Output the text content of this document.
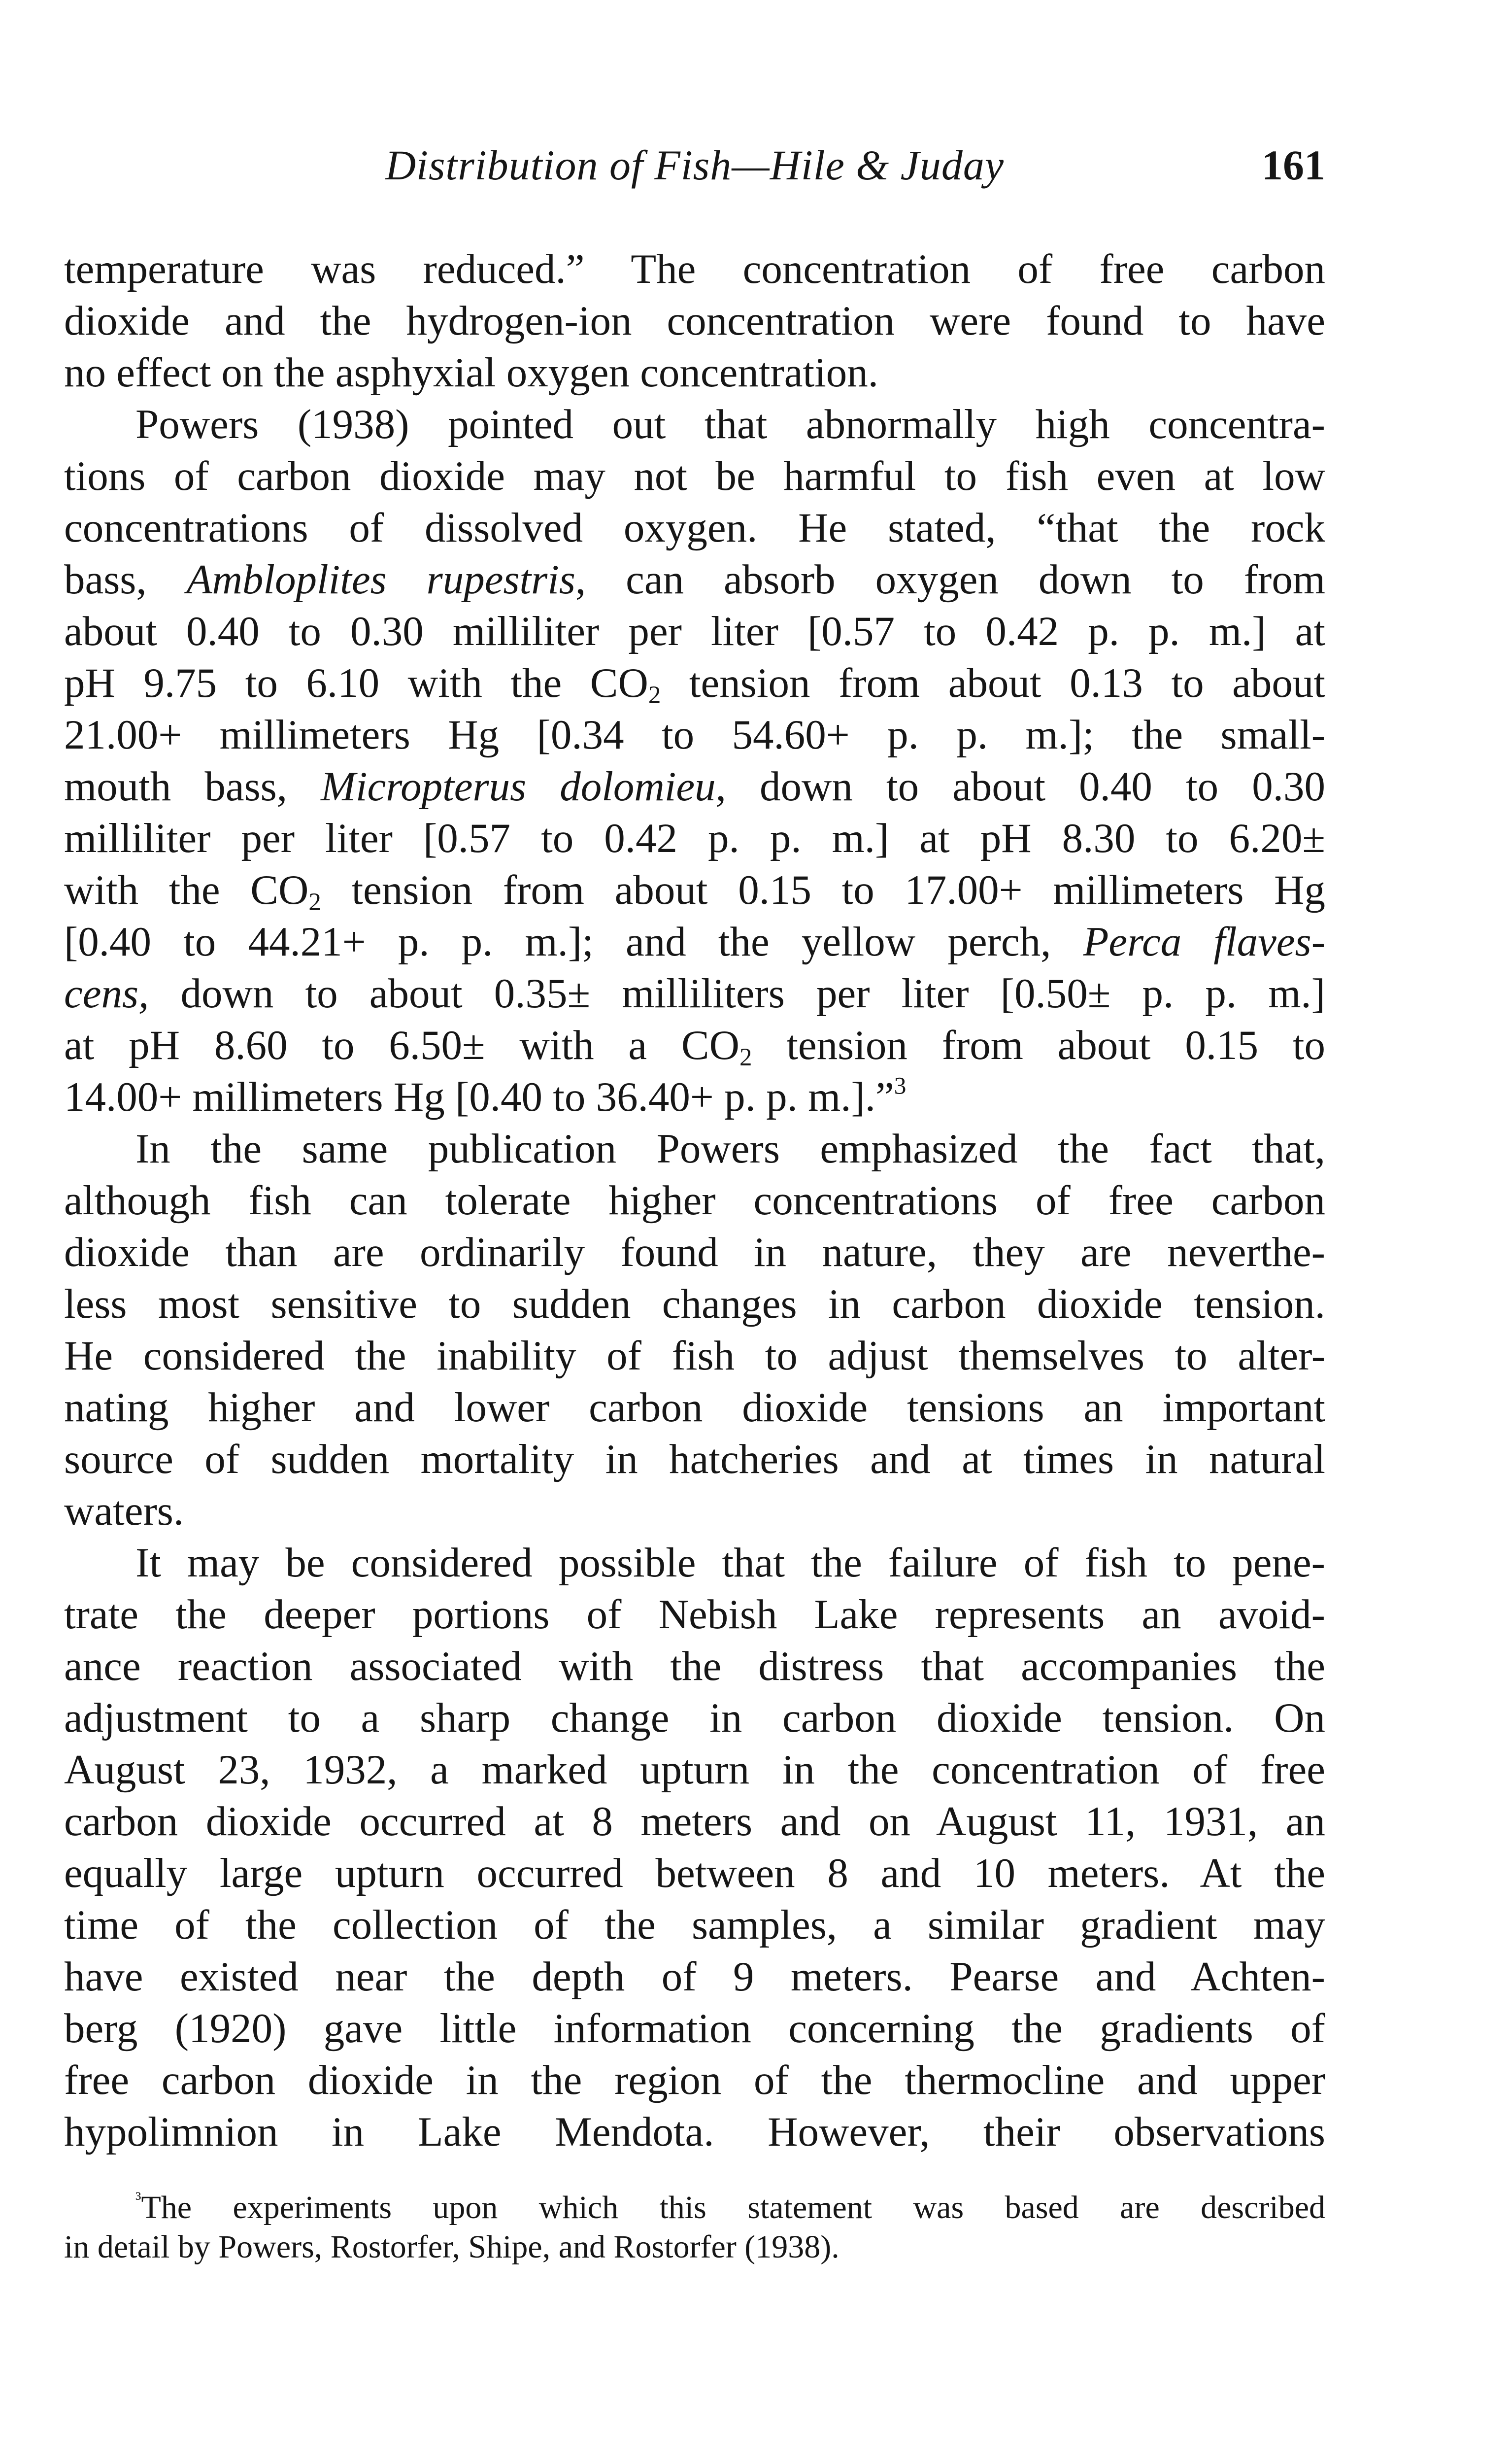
Distribution of Fish—Hile & Juday	161
temperature was reduced.” The concentration of free carbon
dioxide and the hydrogen-ion concentration were found to have
no effect on the asphyxial oxygen concentration.
Powers (1938) pointed out that abnormally high concentra-
tions of carbon dioxide may not be harmful to fish even at low
concentrations of dissolved oxygen. He stated, “that the rock
bass, Ambloplites rupestris, can absorb oxygen down to from
about 0.40 to 0.30 milliliter per liter [0.57 to 0.42 p. p. m.] at
pH 9.75 to 6.10 with the $CO_2$ tension from about 0.13 to about
21.00+ millimeters Hg [0.34 to 54.60+ p. p. m.]; the small-
mouth bass, Micropterus dolomieu, down to about 0.40 to 0.30
milliliter per liter [0.57 to 0.42 p. p. m.] at pH 8.30 to 6.20±
with the $CO_2$ tension from about 0.15 to 17.00+ millimeters Hg
[0.40 to 44.21+ p. p. m.]; and the yellow perch, Perca flaves-
cens, down to about 0.35± milliliters per liter [0.50± p. p. m.]
at pH 8.60 to 6.50± with a $CO_2$ tension from about 0.15 to
14.00+ millimeters Hg [0.40 to 36.40+ p. p. m.].”$^3$
In the same publication Powers emphasized the fact that,
although fish can tolerate higher concentrations of free carbon
dioxide than are ordinarily found in nature, they are neverthe-
less most sensitive to sudden changes in carbon dioxide tension.
He considered the inability of fish to adjust themselves to alter-
nating higher and lower carbon dioxide tensions an important
source of sudden mortality in hatcheries and at times in natural
waters.
It may be considered possible that the failure of fish to pene-
trate the deeper portions of Nebish Lake represents an avoid-
ance reaction associated with the distress that accompanies the
adjustment to a sharp change in carbon dioxide tension. On
August 23, 1932, a marked upturn in the concentration of free
carbon dioxide occurred at 8 meters and on August 11, 1931, an
equally large upturn occurred between 8 and 10 meters. At the
time of the collection of the samples, a similar gradient may
have existed near the depth of 9 meters. Pearse and Achten-
berg (1920) gave little information concerning the gradients of
free carbon dioxide in the region of the thermocline and upper
hypolimnion in Lake Mendota. However, their observations
$^{^3}$The experiments upon which this statement was based are described
in detail by Powers, Rostorfer, Shipe, and Rostorfer (1938).
